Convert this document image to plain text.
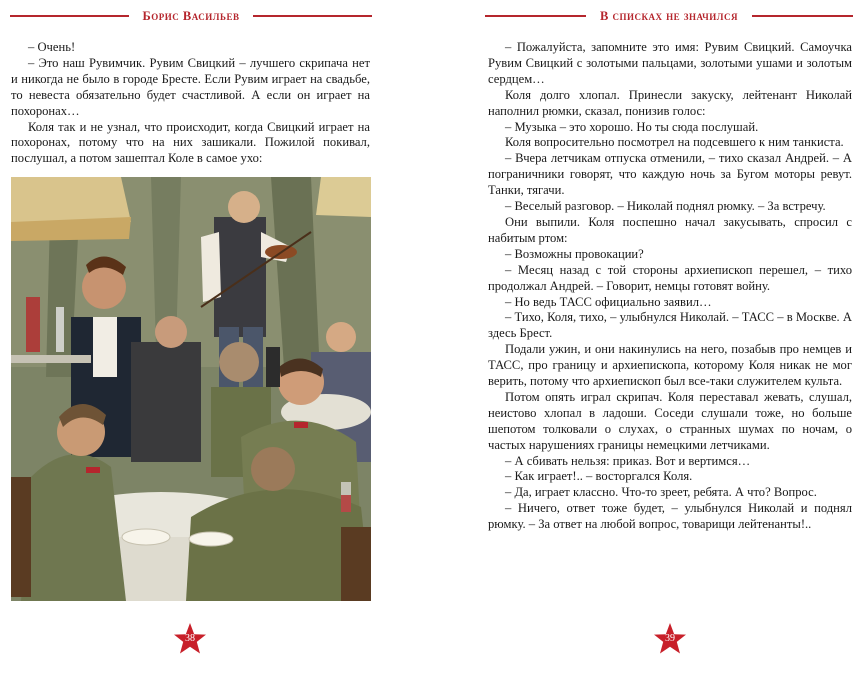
Борис Васильев

– Очень!

– Это наш Рувимчик. Рувим Свицкий – лучшего скрипача нет и никогда не было в городе Бресте. Если Рувим играет на свадьбе, то невеста обязательно будет счастливой. А если он играет на похоронах…

Коля так и не узнал, что происходит, когда Свицкий играет на похоронах, потому что на них зашикали. Пожилой покивал, послушал, а потом зашептал Коле в самое ухо:

38
В списках не значился

– Пожалуйста, запомните это имя: Рувим Свицкий. Самоучка Рувим Свицкий с золотыми пальцами, золотыми ушами и золотым сердцем…

Коля долго хлопал. Принесли закуску, лейтенант Николай наполнил рюмки, сказал, понизив голос:

– Музыка – это хорошо. Но ты сюда послушай.

Коля вопросительно посмотрел на подсевшего к ним танкиста.

– Вчера летчикам отпуска отменили, – тихо сказал Андрей. – А пограничники говорят, что каждую ночь за Бугом моторы ревут. Танки, тягачи.

– Веселый разговор. – Николай поднял рюмку. – За встречу.

Они выпили. Коля поспешно начал закусывать, спросил с набитым ртом:

– Возможны провокации?

– Месяц назад с той стороны архиепископ перешел, – тихо продолжал Андрей. – Говорит, немцы готовят войну.

– Но ведь ТАСС официально заявил…

– Тихо, Коля, тихо, – улыбнулся Николай. – ТАСС – в Москве. А здесь Брест.

Подали ужин, и они накинулись на него, позабыв про немцев и ТАСС, про границу и архиепископа, которому Коля никак не мог верить, потому что архиепископ был все-таки служителем культа.

Потом опять играл скрипач. Коля переставал жевать, слушал, неистово хлопал в ладоши. Соседи слушали тоже, но больше шепотом толковали о слухах, о странных шумах по ночам, о частых нарушениях границы немецкими летчиками.

– А сбивать нельзя: приказ. Вот и вертимся…

– Как играет!.. – восторгался Коля.

– Да, играет классно. Что-то зреет, ребята. А что? Вопрос.

– Ничего, ответ тоже будет, – улыбнулся Николай и поднял рюмку. – За ответ на любой вопрос, товарищи лейтенанты!..

39
